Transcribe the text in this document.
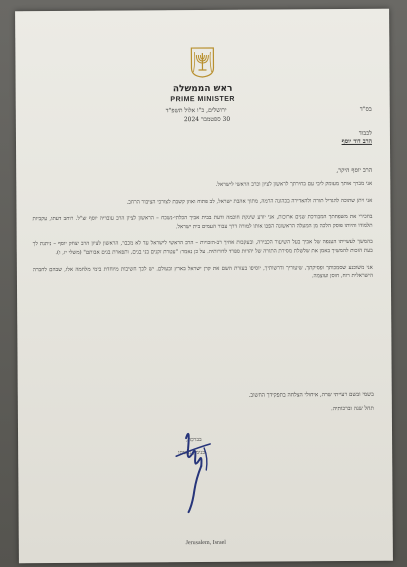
ראש הממשלה
PRIME MINISTER
בס"ד
ירושלים, כ"ו אלול תשפ"ד
30 ספטמבר 2024
לכבוד
הרב דוד יוסף
הרב יוסף היקר,

אני מברך אותך מעומק ליבי עם בחירתך לראשון לציון וכרב הראשי לישראל.

אני ויתן שתוכה להגדיל תורה ולהאדירה בכהונה הרמה, מתוך אהבת ישראל, לב פתוח ואוזן קשבת לצורכי הציבור הרחב.

בחכירי את משפחתך המבורכת שנים ארוכות, אני יודע שינקת חוכמה ודעת בבית אביך הכלתי-נשכח – הראשון לציון הרב עובדיה יוסף זצ"ל. רוחב דעתו, עקביות תלמודו והיותו פוסק הלכה מן המעלה הראשונה הפכו אותו למורה דרך עבור העמים בית ישראל.

בהמשך לעשייתו הענפה של אביך בעל השיעור הכבירה, ובעקבות אחיך רב-הזכויות – הרב הראשי לישראל עד לא מכבר, הראשון לציון הרב יצחק יוסף – ניתנת לך בעת הזכות להמשיך באמן את שלשלת מסירת התורה של יהדות ספרד לדורותיה. על כן נאמר: "עטרת זקנים בני בנים, ותפארת בנים אבותם" (משלי יז, ו).

אני משוכנע שסמכותך ופסיקתך, שיעוריך ודרשותיך, יוסיפו בעזרת השם את קרן ישראל בארץ ובעולם. יש לכך חשיבות מיוחדת בימי מלחמה אלו, שבהם לחברה הישראלית רוח, חוסן ועוצמה.

בשמי ובשם רעייתי שרה, איחולי הצלחה בתפקידך החשוב.
תחל שנה וברכותיה.
בברכה,
בנימין נתניהו
Jerusalem, Israel
